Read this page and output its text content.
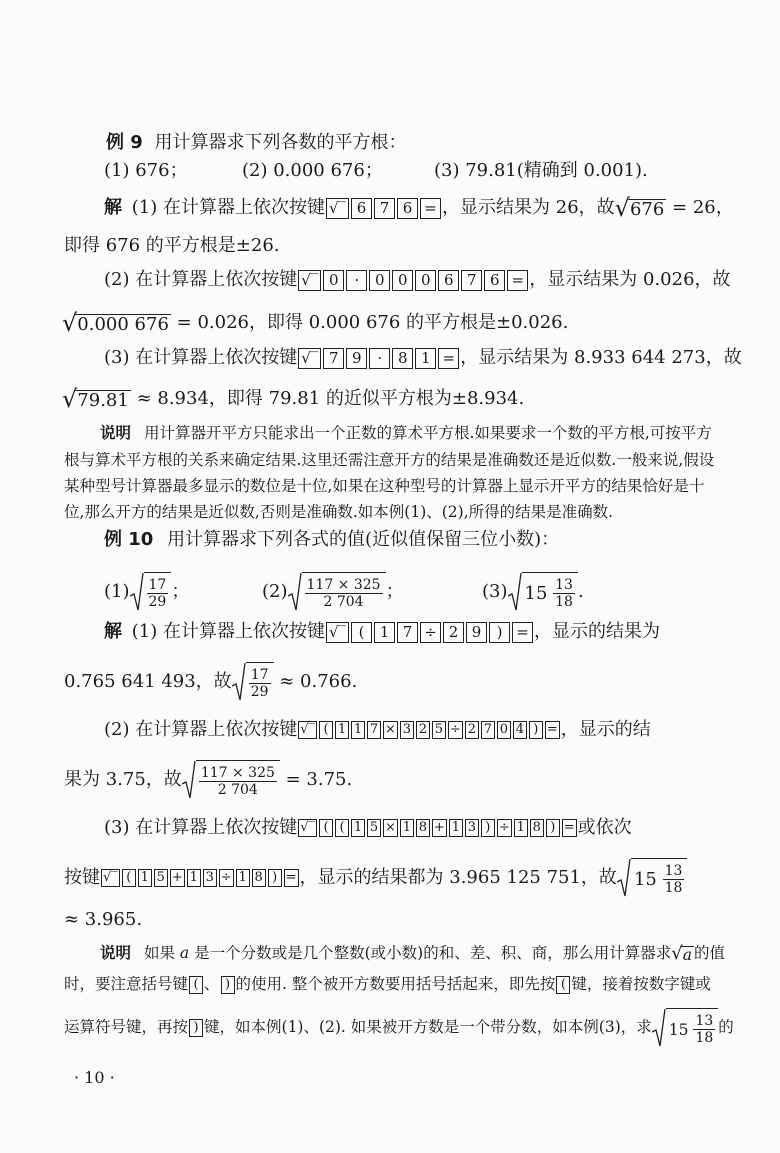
例 9 用计算器求下列各数的平方根：
(1) 676；	(2) 0.000 676；	(3) 79.81(精确到 0.001).
解 (1) 在计算器上依次按键 √‾ 6 7 6 = ，显示结果为 26，故 √ 676 = 26，
即得 676 的平方根是±26.
(2) 在计算器上依次按键 √‾ 0 · 0 0 0 6 7 6 = ，显示结果为 0.026，故
√ 0.000 676 = 0.026，即得 0.000 676 的平方根是±0.026.
(3) 在计算器上依次按键 √‾ 7 9 · 8 1 = ，显示结果为 8.933 644 273，故
√ 79.81 ≈ 8.934，即得 79.81 的近似平方根为±8.934.
说明 用计算器开平方只能求出一个正数的算术平方根.如果要求一个数的平方根,可按平方
根与算术平方根的关系来确定结果.这里还需注意开方的结果是准确数还是近似数.一般来说,假设
某种型号计算器最多显示的数位是十位,如果在这种型号的计算器上显示开平方的结果恰好是十
位,那么开方的结果是近似数,否则是准确数.如本例(1)、(2),所得的结果是准确数.
例 10 用计算器求下列各式的值(近似值保留三位小数)：
$(1) \frac{17}{29}$ ；	$(2) \frac{117 \times 325}{2 704}$ ；	(3) 15
$\frac{13}{18}$ .
解 (1) 在计算器上依次按键 √‾ ( 1 7 ÷ 2 9 ) = ，显示的结果为
0.765 641 493，故 $\frac{17}{29} \approx 0.766$.
(2) 在计算器上依次按键 √‾ ( 1 1 7 × 3 2 5 ÷ 2 7 0 4 ) = ，显示的结
果为 3.75，故 $\frac{117 \times 325}{2 704} = 3.75$.
(3) 在计算器上依次按键 √‾ ( ( 1 5 × 1 8 + 1 3 ) ÷ 1 8 ) = 或依次
按键 √‾ ( 1 5 + 1 3 ÷ 1 8 ) = ，显示的结果都为 3.965 125 751，故 15
$\frac{13}{18}$
≈ 3.965.
说明 如果 a 是一个分数或是几个整数(或小数)的和、差、积、商，那么用计算器求 √ a 的值
时，要注意括号键 ( 、 ) 的使用. 整个被开方数要用括号括起来，即先按 ( 键，接着按数字键或
运算符号键，再按 ) 键，如本例(1)、(2). 如果被开方数是一个带分数，如本例(3)，求 15
$\frac{13}{18}$ 的
· 10 ·
